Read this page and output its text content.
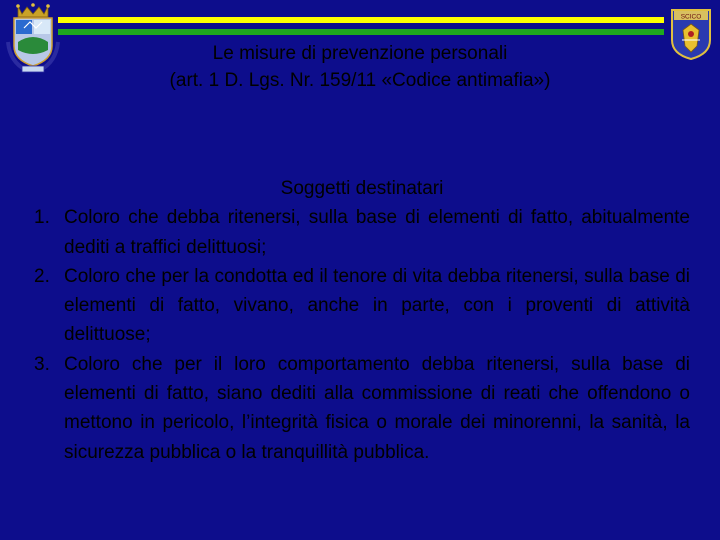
SCICO
Le misure di prevenzione personali
(art. 1 D. Lgs. Nr. 159/11 «Codice antimafia»)
Soggetti destinatari
1. Coloro che debba ritenersi, sulla base di elementi di fatto, abitualmente dediti a traffici delittuosi;
2. Coloro che per la condotta ed il tenore di vita debba ritenersi, sulla base di elementi di fatto, vivano, anche in parte, con i proventi di attività delittuose;
3. Coloro che per il loro comportamento debba ritenersi, sulla base di elementi di fatto, siano dediti alla commissione di reati che offendono o mettono in pericolo, l’integrità fisica o morale dei minorenni, la sanità, la sicurezza pubblica o la tranquillità pubblica.
